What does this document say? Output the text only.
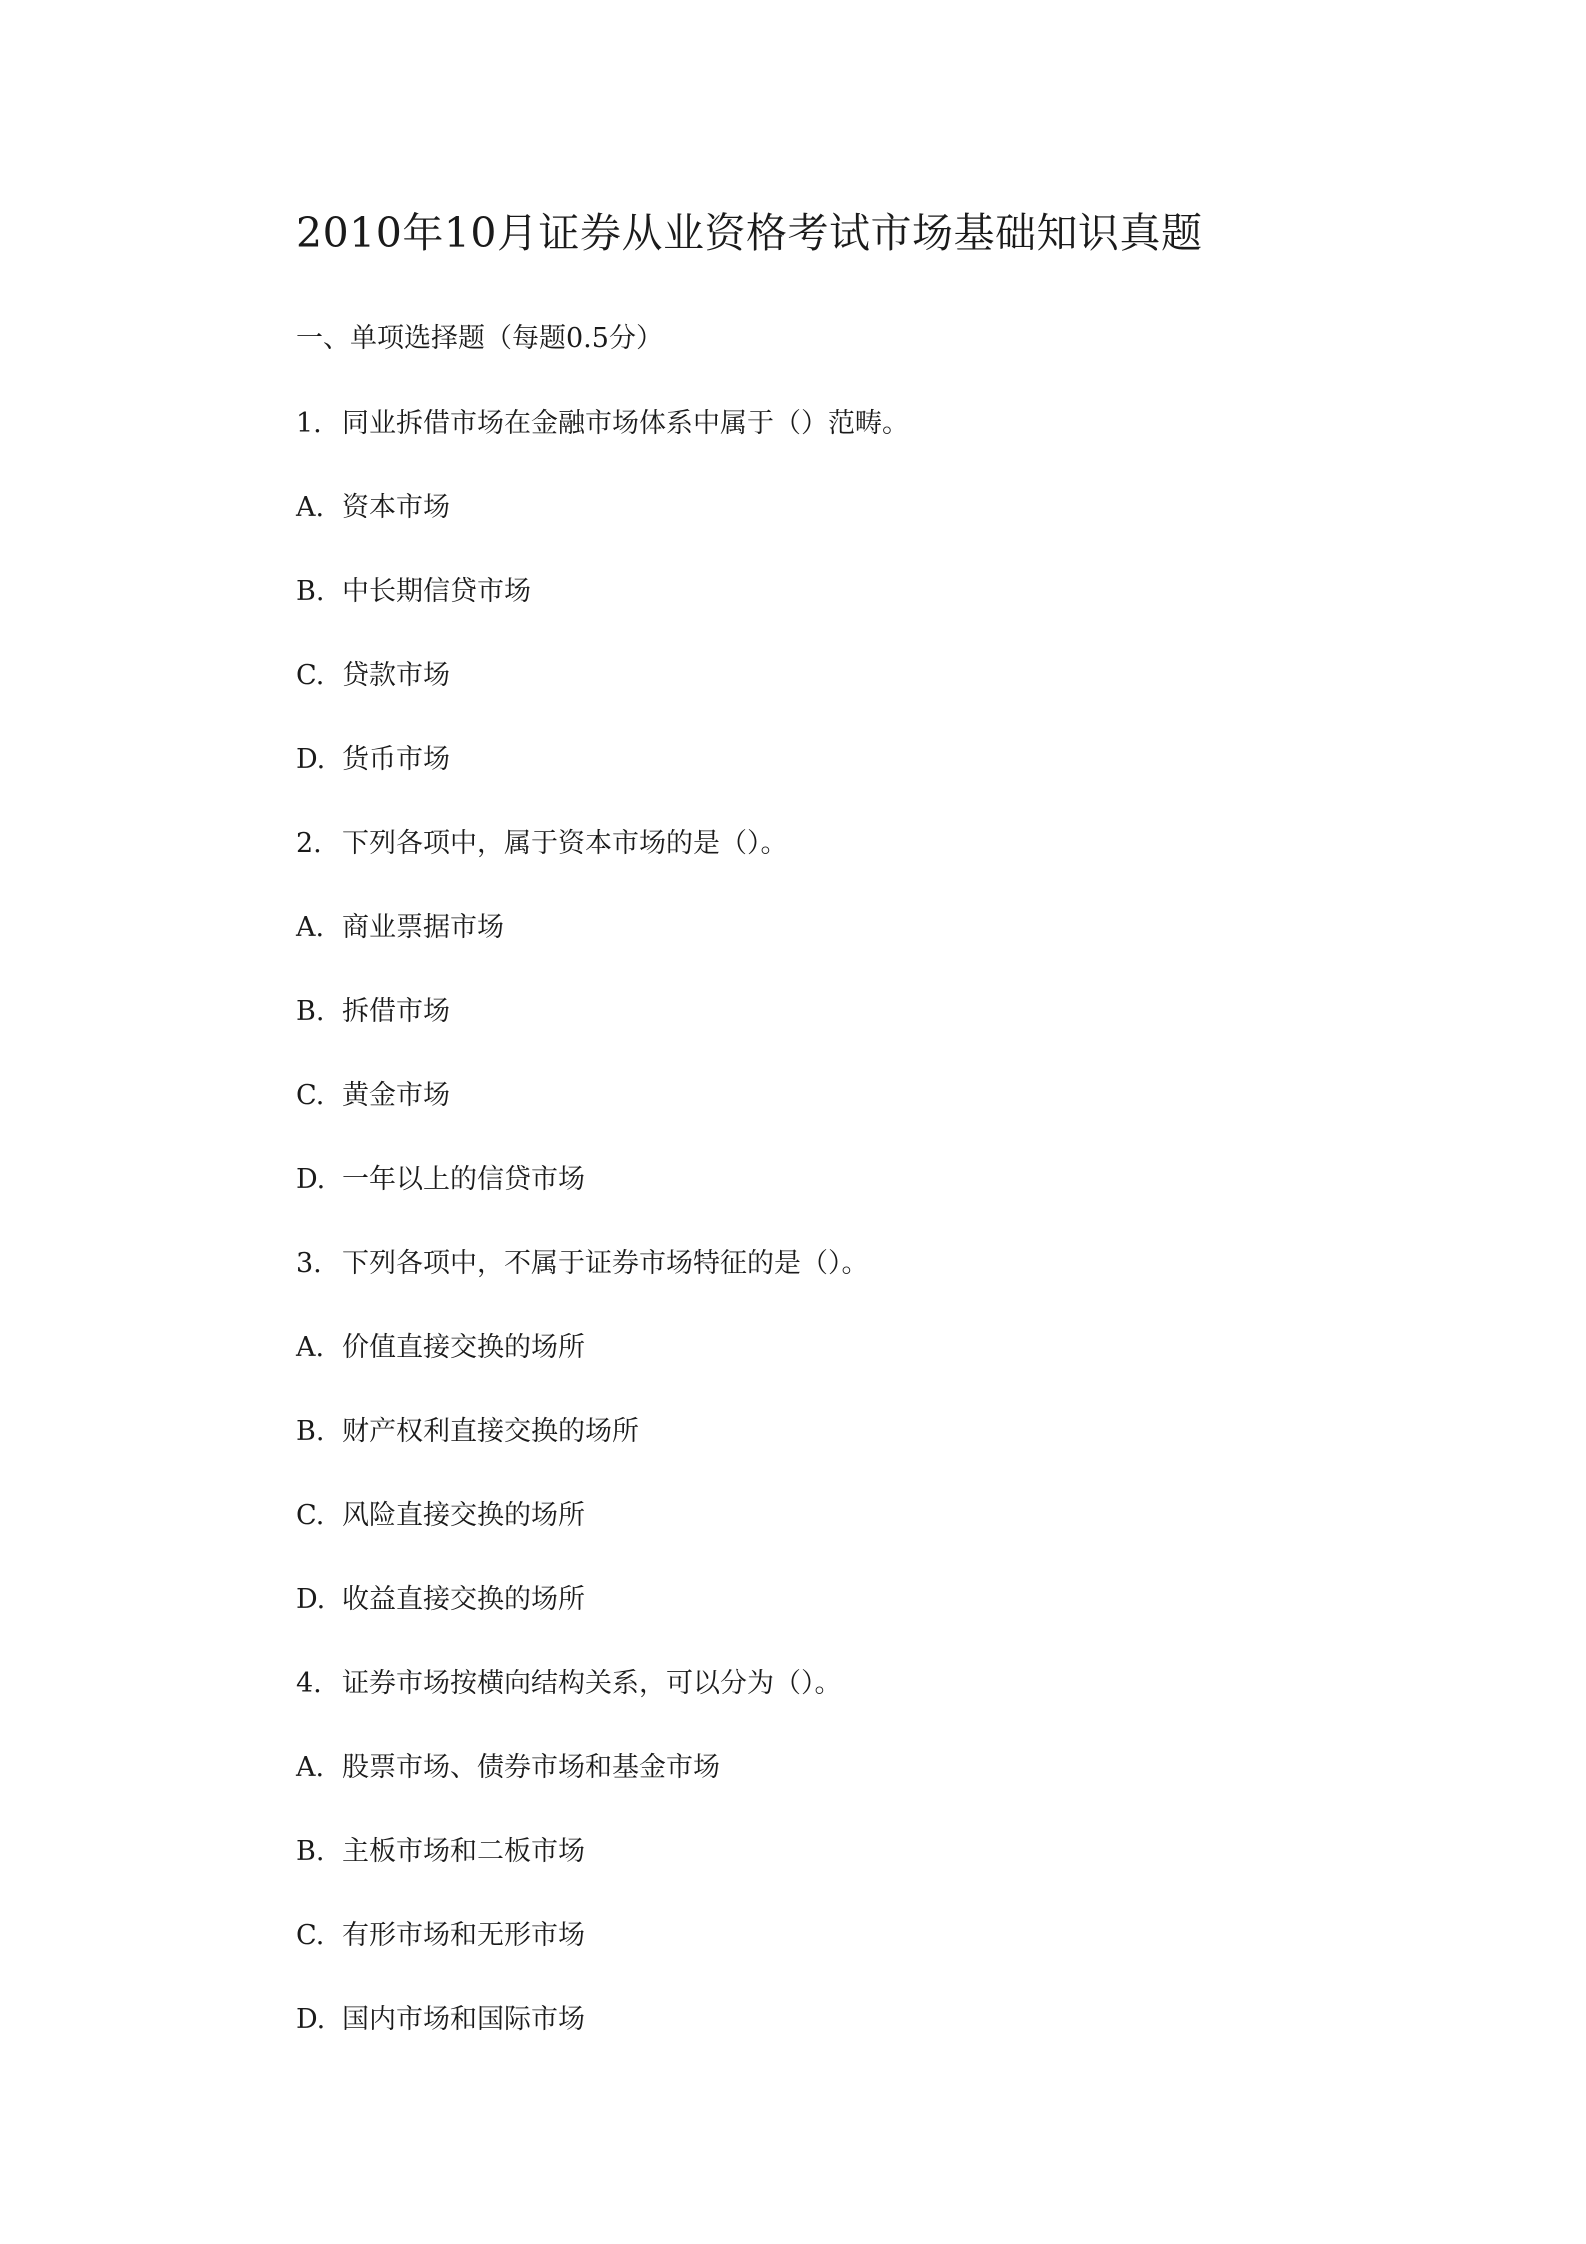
2010年10月证券从业资格考试市场基础知识真题
一、单项选择题（每题0.5分）
1. 同业拆借市场在金融市场体系中属于（）范畴。
A. 资本市场
B. 中长期信贷市场
C. 贷款市场
D. 货币市场
2. 下列各项中，属于资本市场的是（）。
A. 商业票据市场
B. 拆借市场
C. 黄金市场
D. 一年以上的信贷市场
3. 下列各项中，不属于证券市场特征的是（）。
A. 价值直接交换的场所
B. 财产权利直接交换的场所
C. 风险直接交换的场所
D. 收益直接交换的场所
4. 证券市场按横向结构关系，可以分为（）。
A. 股票市场、债券市场和基金市场
B. 主板市场和二板市场
C. 有形市场和无形市场
D. 国内市场和国际市场
